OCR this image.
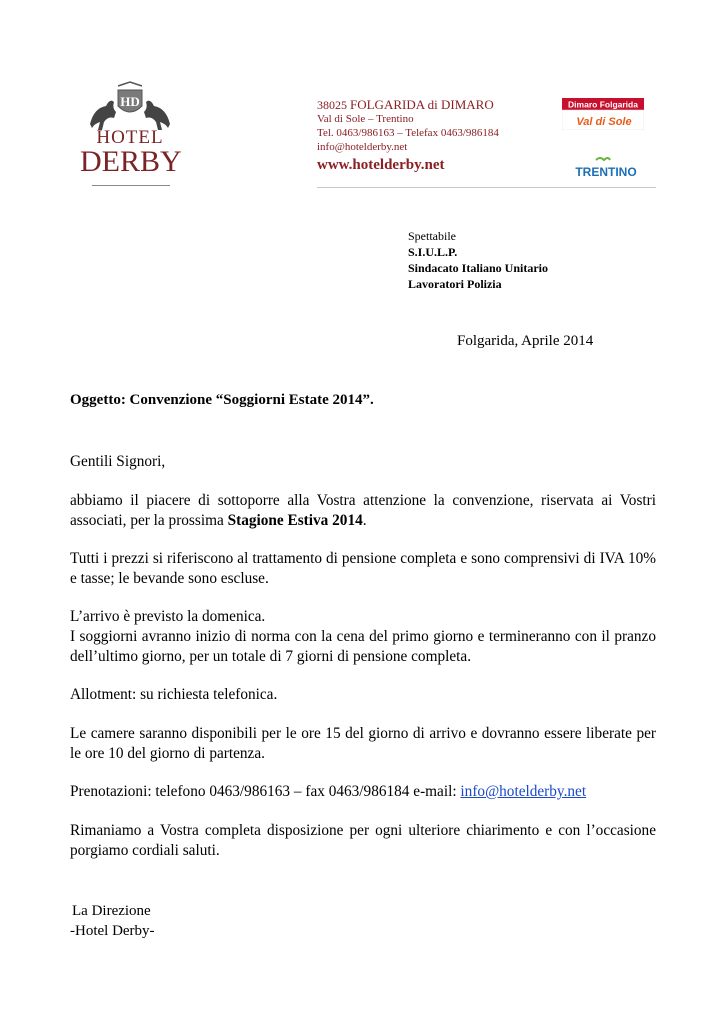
HD
HOTEL
DERBY
38025 FOLGARIDA di DIMARO
Val di Sole – Trentino
Tel. 0463/986163 – Telefax 0463/986184
info@hotelderby.net
www.hotelderby.net
Dimaro Folgarida
Val di Sole
TRENTINO
Spettabile
S.I.U.L.P.
Sindacato Italiano Unitario
Lavoratori Polizia
Folgarida, Aprile 2014
Oggetto: Convenzione “Soggiorni Estate 2014”.
Gentili Signori,
abbiamo il piacere di sottoporre alla Vostra attenzione la convenzione, riservata ai Vostri associati, per la prossima Stagione Estiva 2014.
Tutti i prezzi si riferiscono al trattamento di pensione completa e sono comprensivi di IVA 10% e tasse; le bevande sono escluse.
L’arrivo è previsto la domenica.
I soggiorni avranno inizio di norma con la cena del primo giorno e termineranno con il pranzo dell’ultimo giorno, per un totale di 7 giorni di pensione completa.
Allotment: su richiesta telefonica.
Le camere saranno disponibili per le ore 15 del giorno di arrivo e dovranno essere liberate per le ore 10 del giorno di partenza.
Prenotazioni: telefono 0463/986163 – fax 0463/986184 e-mail: info@hotelderby.net
Rimaniamo a Vostra completa disposizione per ogni ulteriore chiarimento e con l’occasione porgiamo cordiali saluti.
La Direzione
-Hotel Derby-
